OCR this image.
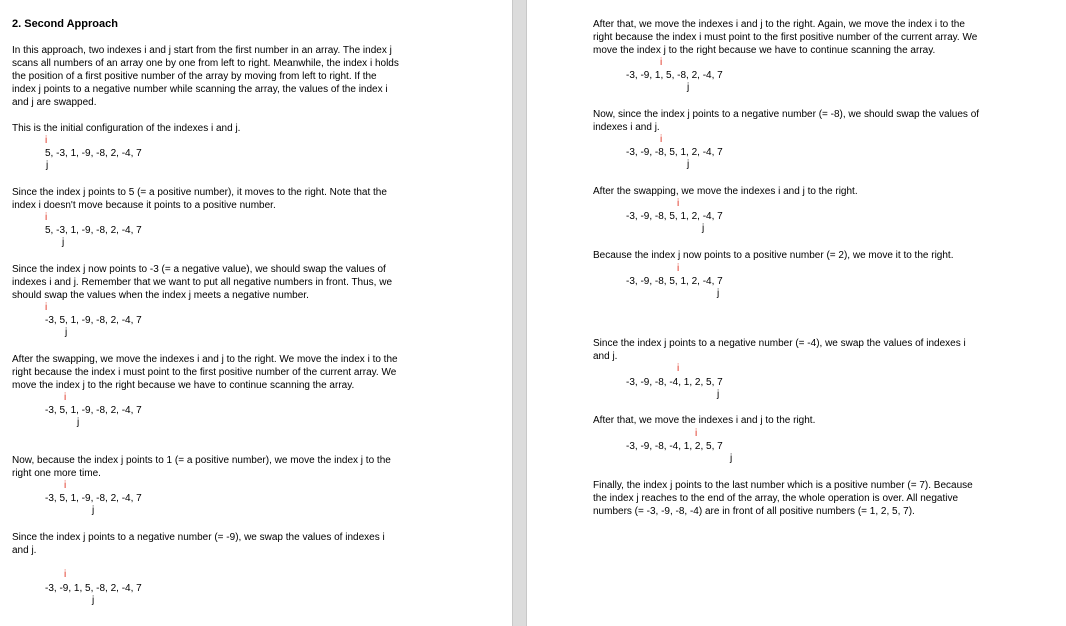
2. Second Approach
In this approach, two indexes i and j start from the first number in an array. The index j
scans all numbers of an array one by one from left to right. Meanwhile, the index i holds
the position of a first positive number of the array by moving from left to right. If the
index j points to a negative number while scanning the array, the values of the index i
and j are swapped.
This is the initial configuration of the indexes i and j.
i
5, -3, 1, -9, -8, 2, -4, 7
j
Since the index j points to 5 (= a positive number), it moves to the right. Note that the
index i doesn't move because it points to a positive number.
i
5, -3, 1, -9, -8, 2, -4, 7
j
Since the index j now points to -3 (= a negative value), we should swap the values of
indexes i and j. Remember that we want to put all negative numbers in front. Thus, we
should swap the values when the index j meets a negative number.
i
-3, 5, 1, -9, -8, 2, -4, 7
j
After the swapping, we move the indexes i and j to the right. We move the index i to the
right because the index i must point to the first positive number of the current array. We
move the index j to the right because we have to continue scanning the array.
i
-3, 5, 1, -9, -8, 2, -4, 7
j
Now, because the index j points to 1 (= a positive number), we move the index j to the
right one more time.
i
-3, 5, 1, -9, -8, 2, -4, 7
j
Since the index j points to a negative number (= -9), we swap the values of indexes i
and j.
i
-3, -9, 1, 5, -8, 2, -4, 7
j
After that, we move the indexes i and j to the right. Again, we move the index i to the
right because the index i must point to the first positive number of the current array. We
move the index j to the right because we have to continue scanning the array.
i
-3, -9, 1, 5, -8, 2, -4, 7
j
Now, since the index j points to a negative number (= -8), we should swap the values of
indexes i and j.
i
-3, -9, -8, 5, 1, 2, -4, 7
j
After the swapping, we move the indexes i and j to the right.
i
-3, -9, -8, 5, 1, 2, -4, 7
j
Because the index j now points to a positive number (= 2), we move it to the right.
i
-3, -9, -8, 5, 1, 2, -4, 7
j
Since the index j points to a negative number (= -4), we swap the values of indexes i
and j.
i
-3, -9, -8, -4, 1, 2, 5, 7
j
After that, we move the indexes i and j to the right.
i
-3, -9, -8, -4, 1, 2, 5, 7
j
Finally, the index j points to the last number which is a positive number (= 7). Because
the index j reaches to the end of the array, the whole operation is over. All negative
numbers (= -3, -9, -8, -4) are in front of all positive numbers (= 1, 2, 5, 7).
